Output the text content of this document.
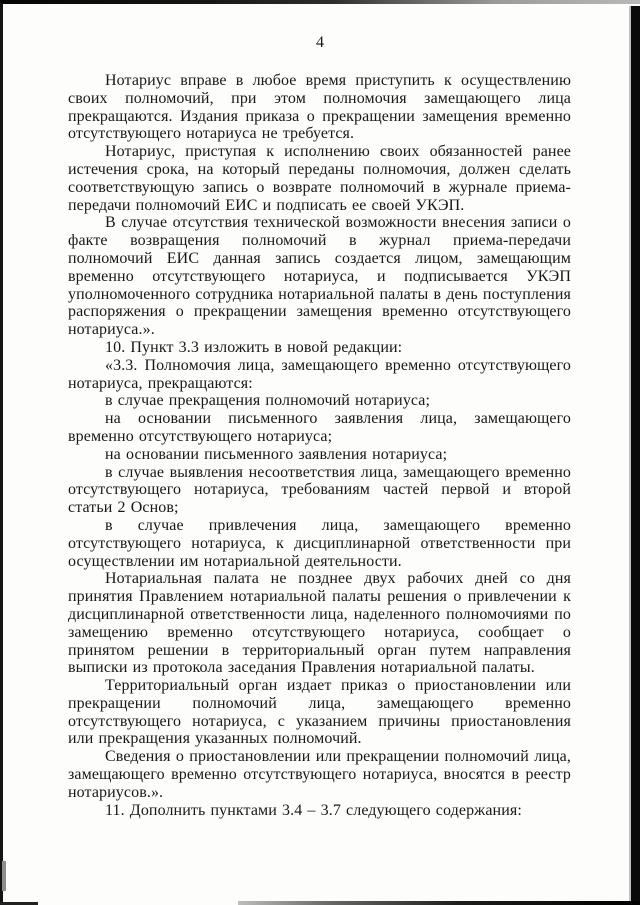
4

Нотариус вправе в любое время приступить к осуществлению своих полномочий, при этом полномочия замещающего лица прекращаются. Издания приказа о прекращении замещения временно отсутствующего нотариуса не требуется.

Нотариус, приступая к исполнению своих обязанностей ранее истечения срока, на который переданы полномочия, должен сделать соответствующую запись о возврате полномочий в журнале приема-передачи полномочий ЕИС и подписать ее своей УКЭП.

В случае отсутствия технической возможности внесения записи о факте возвращения полномочий в журнал приема-передачи полномочий ЕИС данная запись создается лицом, замещающим временно отсутствующего нотариуса, и подписывается УКЭП уполномоченного сотрудника нотариальной палаты в день поступления распоряжения о прекращении замещения временно отсутствующего нотариуса.».

10. Пункт 3.3 изложить в новой редакции:

«3.3. Полномочия лица, замещающего временно отсутствующего нотариуса, прекращаются:

в случае прекращения полномочий нотариуса;

на основании письменного заявления лица, замещающего временно отсутствующего нотариуса;

на основании письменного заявления нотариуса;

в случае выявления несоответствия лица, замещающего временно отсутствующего нотариуса, требованиям частей первой и второй статьи 2 Основ;

в случае привлечения лица, замещающего временно отсутствующего нотариуса, к дисциплинарной ответственности при осуществлении им нотариальной деятельности.

Нотариальная палата не позднее двух рабочих дней со дня принятия Правлением нотариальной палаты решения о привлечении к дисциплинарной ответственности лица, наделенного полномочиями по замещению временно отсутствующего нотариуса, сообщает о принятом решении в территориальный орган путем направления выписки из протокола заседания Правления нотариальной палаты.

Территориальный орган издает приказ о приостановлении или прекращении полномочий лица, замещающего временно отсутствующего нотариуса, с указанием причины приостановления или прекращения указанных полномочий.

Сведения о приостановлении или прекращении полномочий лица, замещающего временно отсутствующего нотариуса, вносятся в реестр нотариусов.».

11. Дополнить пунктами 3.4 – 3.7 следующего содержания:
